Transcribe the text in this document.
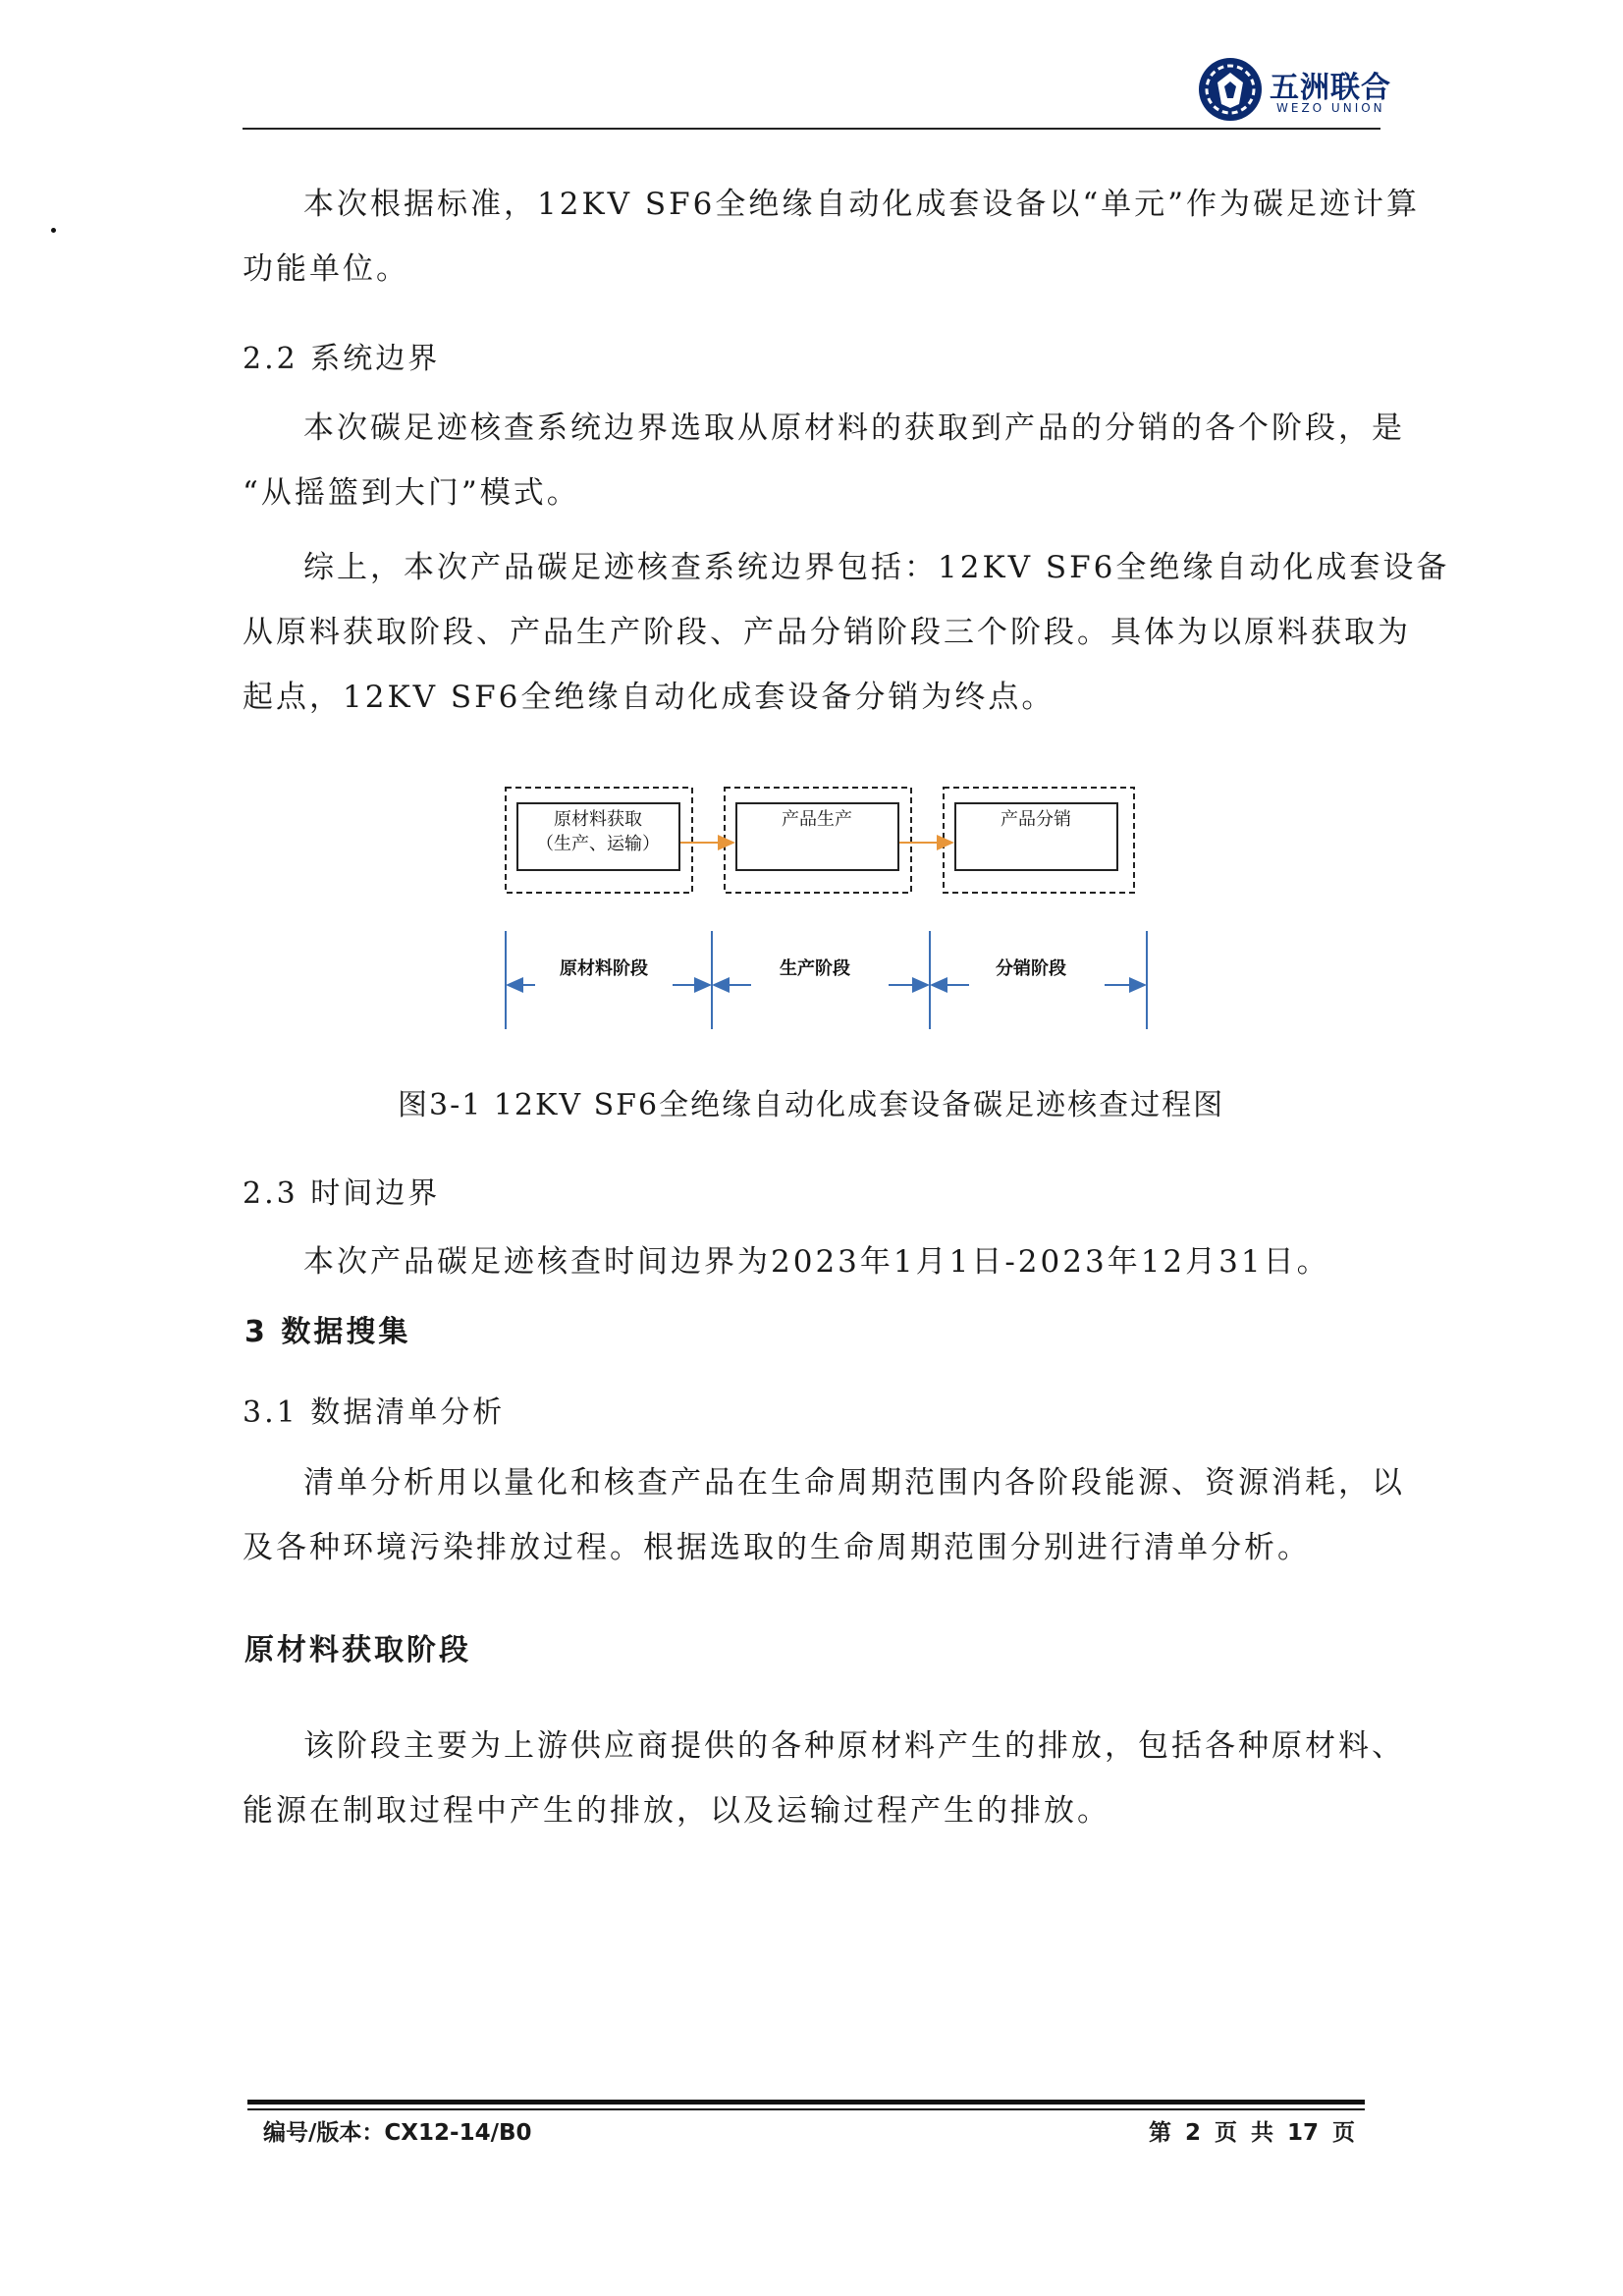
五洲联合
WEZO UNION
本次根据标准，12KV SF6全绝缘自动化成套设备以“单元”作为碳足迹计算
功能单位。
2.2 系统边界
本次碳足迹核查系统边界选取从原材料的获取到产品的分销的各个阶段，是
“从摇篮到大门”模式。
综上，本次产品碳足迹核查系统边界包括：12KV SF6全绝缘自动化成套设备
从原料获取阶段、产品生产阶段、产品分销阶段三个阶段。具体为以原料获取为
起点，12KV SF6全绝缘自动化成套设备分销为终点。
原材料获取
（生产、运输）
产品生产	产品分销
原材料阶段	生产阶段	分销阶段
图3-1 12KV SF6全绝缘自动化成套设备碳足迹核查过程图
2.3 时间边界
本次产品碳足迹核查时间边界为2023年1月1日-2023年12月31日。
3 数据搜集
3.1 数据清单分析
清单分析用以量化和核查产品在生命周期范围内各阶段能源、资源消耗，以
及各种环境污染排放过程。根据选取的生命周期范围分别进行清单分析。
原材料获取阶段
该阶段主要为上游供应商提供的各种原材料产生的排放，包括各种原材料、
能源在制取过程中产生的排放，以及运输过程产生的排放。
编号/版本：CX12-14/B0	第 2 页 共 17 页
